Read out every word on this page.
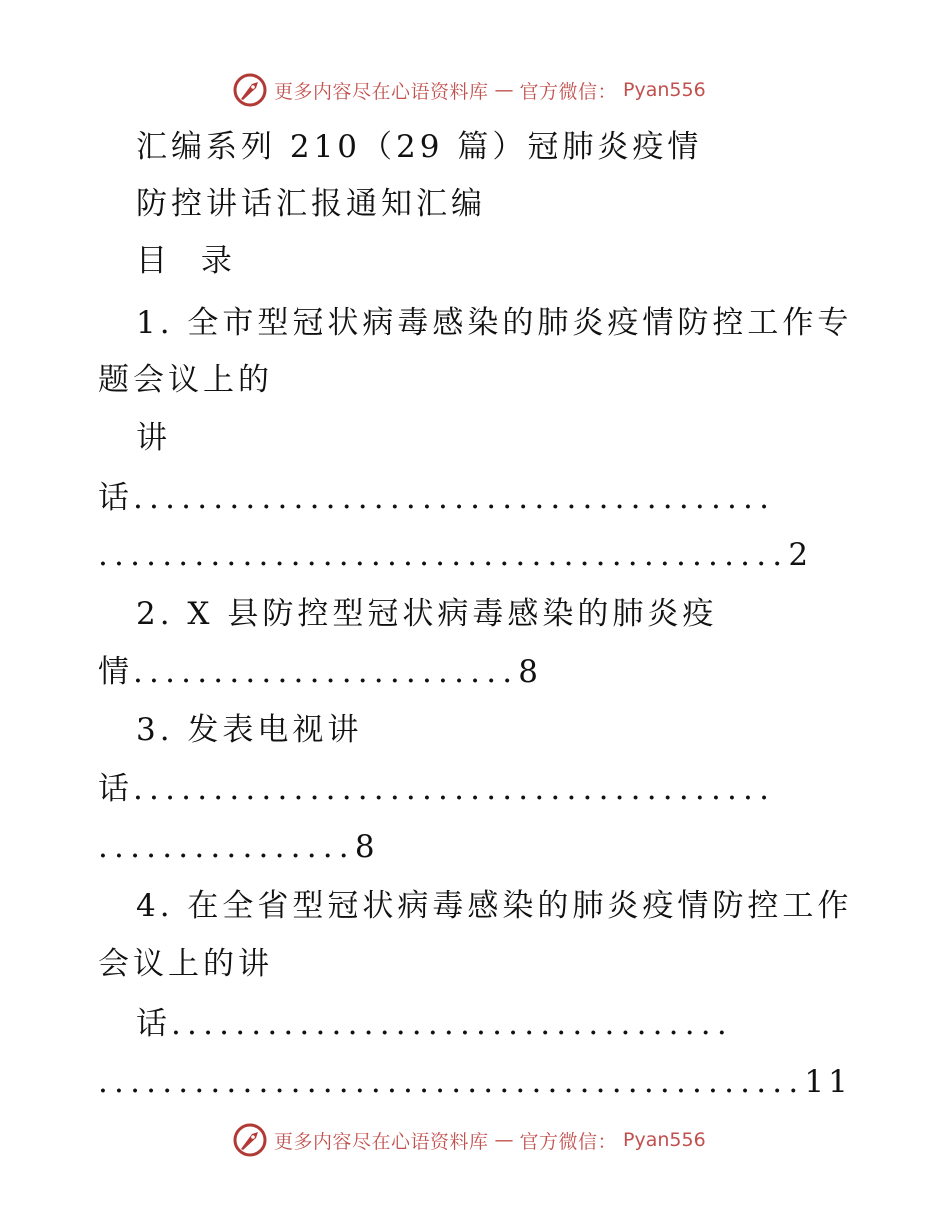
更多内容尽在心语资料库 — 官方微信： Pyan556
汇编系列 210（29 篇）冠肺炎疫情
防控讲话汇报通知汇编
目 录
1. 全市型冠状病毒感染的肺炎疫情防控工作专
题会议上的
讲
话........................................
...........................................2
2. X 县防控型冠状病毒感染的肺炎疫
情........................8
3. 发表电视讲
话........................................
................8
4. 在全省型冠状病毒感染的肺炎疫情防控工作
会议上的讲
话...................................
............................................11
更多内容尽在心语资料库 — 官方微信： Pyan556
